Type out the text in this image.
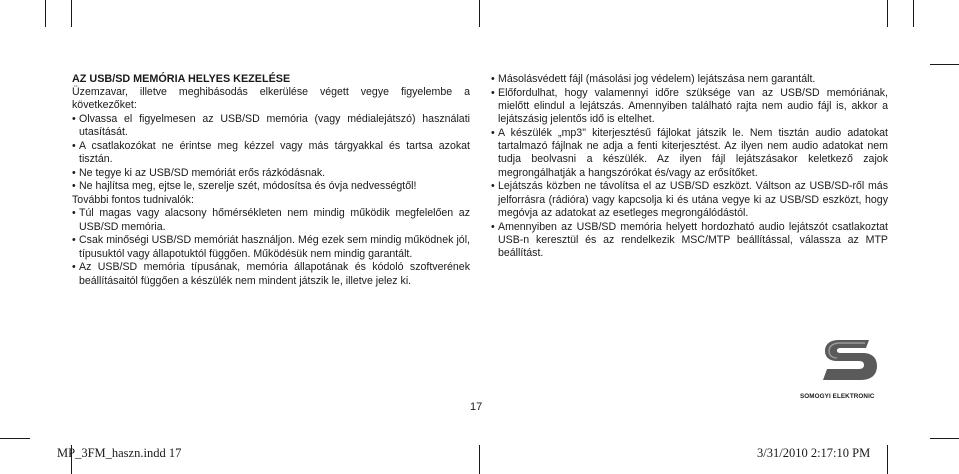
AZ USB/SD MEMÓRIA HELYES KEZELÉSE

Üzemzavar, illetve meghibásodás elkerülése végett vegye figyelembe a következőket:

• Olvassa el figyelmesen az USB/SD memória (vagy médialejátszó) használati utasítását.
• A csatlakozókat ne érintse meg kézzel vagy más tárgyakkal és tartsa azokat tisztán.
• Ne tegye ki az USB/SD memóriát erős rázkódásnak.
• Ne hajlítsa meg, ejtse le, szerelje szét, módosítsa és óvja nedvességtől!

További fontos tudnivalók:

• Túl magas vagy alacsony hőmérsékleten nem mindig működik megfelelően az USB/SD memória.
• Csak minőségi USB/SD memóriát használjon. Még ezek sem mindig működnek jól, típusuktól vagy állapotuktól függően. Működésük nem mindig garantált.
• Az USB/SD memória típusának, memória állapotának és kódoló szoftverének beállításaitól függően a készülék nem mindent játszik le, illetve jelez ki.
• Másolásvédett fájl (másolási jog védelem) lejátszása nem garantált.
• Előfordulhat, hogy valamennyi időre szüksége van az USB/SD memóriának, mielőtt elindul a lejátszás. Amennyiben található rajta nem audio fájl is, akkor a lejátszásig jelentős idő is eltelhet.
• A készülék „mp3" kiterjesztésű fájlokat játszik le. Nem tisztán audio adatokat tartalmazó fájlnak ne adja a fenti kiterjesztést. Az ilyen nem audio adatokat nem tudja beolvasni a készülék. Az ilyen fájl lejátszásakor keletkező zajok megrongálhatják a hangszórókat és/vagy az erősítőket.
• Lejátszás közben ne távolítsa el az USB/SD eszközt. Váltson az USB/SD-ről más jelforrásra (rádióra) vagy kapcsolja ki és utána vegye ki az USB/SD eszközt, hogy megóvja az adatokat az esetleges megrongálódástól.
• Amennyiben az USB/SD memória helyett hordozható audio lejátszót csatlakoztat USB-n keresztül és az rendelkezik MSC/MTP beállítással, válassza az MTP beállítást.
17
SOMOGYI ELEKTRONIC
MP_3FM_haszn.indd 17	3/31/2010 2:17:10 PM
